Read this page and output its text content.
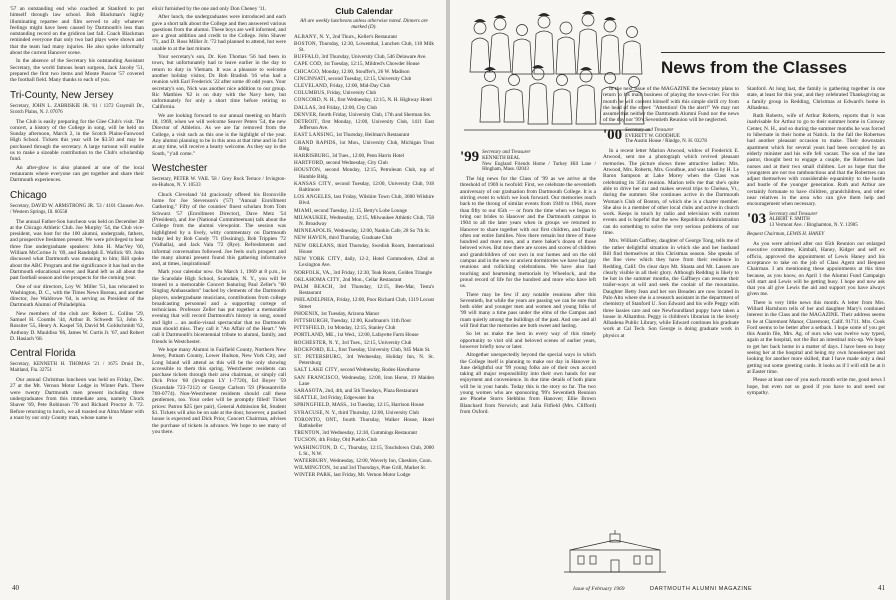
'57 an outstanding end who coached at Stanford to put himself through law school. Bob Blackman's highly illuminating repartee and film served to ally whatever feelings might have been caused by Dartmouth's less than outstanding record on the gridiron last fall. Coach Blackman reminded everyone that only two bad plays were shown and that the team had many injuries. He also spoke informally about the current Hanover scene.

In the absence of the Secretary his outstanding Assistant Secretary, the world famous heart surgeon, Jack Jacoby '51, prepared the first two items and Monte Pascoe '57 covered the football field. Many thanks to each of you.

Tri-County, New Jersey
Secretary, JOHN L. ZABRISKIE JR. '61 / 1372 Graymill Dr., Scotch Plains, N. J. 07076

The Club is easily preparing for the Glee Club's visit. The concert, a history of the College in song, will be held on Sunday afternoon, March 2, in the Scotch Plains-Fanwood High School. Tickets this year will be $3.50 and may be purchased through the secretary. A large turnout will enable us to make a sizeable contribution to the Club's scholarship fund.

An after-glow is also planned at one of the local restaurants where everyone can get together and share their Dartmouth experiences.

Chicago
Secretary, DAVID W. ARMSTRONG JR. '53 / 4101 Clausen Ave. / Western Springs, Ill. 60558

The annual Father-Son luncheon was held on December 28 at the Chicago Athletic Club. Joe Murphy '54, the Club vice-president, was host for the 100 alumni, undergrads, fathers, and prospective freshmen present. We were privileged to hear three fine undergraduate speakers: John H. MacVey '60, William McCorine Jr. '69, and Randolph E. Wallick '69. John discussed what Dartmouth was meaning to him; Bill spoke about the ABC Program and the significance it has had on the Dartmouth educational scene; and Rand left us all about the past football season and the prospects for the coming year.

One of our directors, Loy W. Miller '51, has relocated to Washington, D. C., with the Times News Bureau, and another director, Joe Waldrowe '64, is serving as President of the Dartmouth Alumni of Philadelphia.

New members of the club are: Robert L. Collins '29, Samuel H. Coombs '44, Arthur B. Schwedt '53, John S. Rossiter '55, Henry A. Kaspel '56, David M. Goldschmidt '62, Anthony D. Mauldiso '66, James W. Curtis Jr. '67, and Robert D. Hasiach '68.

Central Florida
Secretary, KENNETH H. THOMAS '21 / 1675 Druid Dr., Maitland, Fla. 32751

Our annual Christmas luncheon was held on Friday, Dec. 27 at the Mt. Vernon Motor Lodge in Winter Park. There were twenty Dartmouth men present including three undergraduates from this immediate area, namely Chuck Shaver '69, Pete Robinson '70 and Richard Proctor Jr. '72. Before returning to lunch, we all toasted our Alma Mater with a toast by our only County man, whose name is

elixir furnished by the one and only Don Cheney '11.

After lunch, the undergraduates were introduced and each gave a short talk about the College and then answered various questions from the alumni. These boys are well informed, and are a great addition and credit to the College. John Shaver '71, and D. Ross Miller Jr. '72 had planned to attend, but were unable to at the last minute.

Your secretary's son, Dr. Ken Thomas '56 had been in town, but unfortunately had to leave earlier in the day to return to duty in Vietnam. It was a pleasure to welcome another holiday visitor, Dr. Bob Bradish '16 who had a reunion with Earl Frederick '22 after some 40 odd years. Your secretary's son, Nick was another nice addition to our group. Ric Matthies '62 is on duty with the Navy here, but unfortunately for only a short time before retiring to California.

We are looking forward to our annual meeting on March 18, 1969, when we will welcome Seaver Peters '54, the new Director of Athletics. As we are far removed from the College, a visit such as this one is the highlight of the year. Any alumni planning to be in this area at that time and in fact at any time, will receive a hearty welcome. As they say in the South, "y'all come."

Westchester
Secretary, PETER W. VAIL '58 / Grey Rock Terrace / Irvington-on-Hudson, N. Y. 10533

Chuck Cleveland '44 graciously offered his Bronxville home for Joe Stevenson's ('57) "Annual Enrollment Gathering." Fifty of the counties' finest scholars from Tom Schwarz '57 (Enrollment Director), Dave Metz '54 (President), and Joe (National Committeeman) talk about the College from the alumni viewpoint. The session was highlighted by a lively, witty commentary on Dartmouth today led by Bob Condy '71 (Ossining), Bob Trippien '72 (Valhalla), and Jack Vala '72 (Rye). Refreshments and informal conversation followed. Joe feels such prospect and the many alumni present found this gathering informative and, at times, inspirational!

Mark your calendar now. On March 1, 1969 at 8 p.m., in the Scarsdale High School, Scarsdale, N. Y., you will be treated to a memorable Concert featuring Paul Zeller's "60 Singing Ambassadors" backed by clements of the Dartmouth players, undergraduate musicians, contributions from college broadcasting personnel and a supporting cortege of technicians. Professor Zeller has put together a memorable evening that will record Dartmouth's history in song, sound and light ... an audio-visual spectacular that no Dartmouth man should miss. They call it "An Affair of the Heart." We call it Dartmouth's bicentennial tribute to alumni, family, and friends in Westchester.

We hope many Alumni in Fairfield County, Northern New Jersey, Putnam County, Lower Hudson, New York City, and Long Island will attend as this will be the only showing accessible to them this spring. Westchester residents can purchase tickets through their area chairman, or simply call Dick Prior '60 (Irvington LY 1-7720), Ed Boyer '59 (Scarsdale 723-7212) or George Carlson '59 (Pleasantville 769-0774). Non-Westchester residents should call these gentlemen, too. Your order will be promptly filled! Ticket prices: Patron $25 (per pair), General Admission $4, Student $1. Tickets will also be on sale at the door, however, a packed house is expected and Dick Prior, Concert Chairman, advises the purchase of tickets in advance. We hope to see many of you there.

Club Calendar
All are weekly luncheons unless otherwise noted. Dinners are marked (D).
ALBANY, N. Y., 2nd Thurs., Keller's Restaurant
BOSTON, Thursday, 12:30, Lowenthal, Lunchen Club, 118 Milk St.
BUFFALO, 3rd Thursday, University Club, 546 Delaware Ave.
CAPE COD, 1st Tuesday, 12:15, Mildred's Chowder House
CHICAGO, Monday, 12:00, Stouffer's, 26 W. Madison
CINCINNATI, second Tuesday, 12:15, University Club
CLEVELAND, Friday, 12:00, Mid-Day Club
COLUMBUS, Friday, University Club
CONCORD, N. H., first Wednesday, 12:15, N. H. Highway Hotel
DALLAS, 3rd Friday, 12:00, City Club
DENVER, fourth Friday, University Club, 17th and Sherman Sts.
DETROIT, first Monday, 12:00, University Club, 1411 East Jefferson Ave.
EAST LANSING, 1st Thursday, Heilman's Restaurant
GRAND RAPIDS, 1st Mon., University Club, Michigan Trust Bldg.
HARRISBURG, 3d Tues., 12:00, Penn Harris Hotel
HARTFORD, second Wednesday, City Club
HOUSTON, second Monday, 12:15, Petroleum Club, top of Humble Bldg.
KANSAS CITY, second Tuesday, 12:00, University Club, 918 Baltimore
LOS ANGELES, last Friday, Wilshire Town Club, 3600 Wilshire Blvd.
MIAMI, second Tuesday, 12:15, Betty's Lobe Lounge
MILWAUKEE, Wednesday, 12:15, Milwaukee Athletic Club, 758 N. Broadway
MINNEAPOLIS, Wednesday, 12:00, Nankin Cafe, 28 So 7th St.
NEW HAVEN, third Thursday, Graduate Club
NEW ORLEANS, third Thursday, Swedish Room, International House
NEW YORK CITY, daily, 12-2, Hotel Commodore, 42nd at Lexington Ave.
NORFOLK, VA., 3rd Friday, 12:30, Teak Room, Golden Triangle
OKLAHOMA CITY, 2nd Mon., Cellar Restaurant
PALM BEACH, 3rd Thursday, 12:15, Ben-Mar, Testa's Restaurant
PHILADELPHIA, Friday, 12:00, Poor Richard Club, 1319 Locust Street
PHOENIX, 1st Tuesday, Arizona Manor
PITTSBURGH, Tuesday, 12:00, Kaufmann's 11th floor
PITTSFIELD, 1st Monday, 12:15, Stanley Club
PORTLAND, ME., 1st Wed., 12:00, Lafayette Farm House
ROCHESTER, N. Y., 3rd Tues., 12:15, University Club
ROCKFORD, ILL., first Tuesday, University Club, 945 Main St.
ST. PETERSBURG, 3rd Wednesday, Holiday Inn, N. St. Petersburg
SALT LAKE CITY, second Wednesday, Rodeo Hawthorne
SAN FRANCISCO, Wednesday, 12:00, Iron Horse, 19 Maiden Lane
SARASOTA, 2nd, 4th, and 5th Tuesdays, Plaza Restaurant
SEATTLE, 3rd Friday, Edgewater Inn
SPRINGFIELD, MASS., 1st Tuesday, 12:15, Harrison House
SYRACUSE, N. Y., third Thursday, 12:00, University Club
TORONTO, ONT., fourth Thursday, Walker House, Hotel Rathskeller
TRENTON, 3rd Wednesday, 12:30, Cummings Restaurant
TUCSON, 4th Friday, Old Pueblo Club
WASHINGTON, D. C., Thursday, 12:15, Touchdown Club, 2000 L St., N.W.
WATERBURY, Wednesday, 12:00, Waverly Inn, Cheshire, Conn.
WILMINGTON, 1st and 3rd Thursdays, Pine Grill, Market St.
WINTER PARK, last Friday, Mt. Vernon Motor Lodge
40
News from the Classes
'99 Secretary and Treasurer
KENNETH BEAL
New England Friends Home / Turkey Hill Lane / Hingham, Mass. 02043

The big news for the Class of '99 as we arrive at the threshold of 1969 is twofold: First, we celebrate the seventieth anniversary of our graduation from Dartmouth College. It is a stirring event to which we look forward. Our memories reach back to the throng of similar events from 1940 to 1964, more than fifty to our 65th — or from the time when we began to bring our brides to Hanover and the Dartmouth campus in 1904 to all the later years when in groups we returned to Hanover to share together with our first children, and finally often our entire families. Now there remain but three of those hundred and more men, and a mere baker's dozen of those beloved wives. But now there are scores and scores of children and grandchildren of our own in our homes and on the old campus and in the new or ancient dormitories we have had gay reunions and rollicking celebrations. We have also had touching and heartening memorials by Wheelock, and the proud record of life for the hundred and more who have left us.

There may be few if any notable reunions after this Seventieth, but while the years are passing we can be sure that both older and younger men and women and young folks of '99 will many a time pass under the elms of the Campus and roam quietly among the buildings of the past. And one and all will find that the memories are both sweet and lasting.

So let us make the best in every way of this timely opportunity to visit old and beloved scenes of earlier years, however briefly now or later.

Altogether unexpectedly beyond the special ways in which the College itself is planning to make our day in Hanover in June delightful our '99 young folks are of their own accord taking all major responsibility into their own hands for our enjoyment and convenience. In due time details of both plans will be in your hands. Today this is the story so far. The two young women who are sponsoring '99's Seventieth Reunion are Phoebe Storrs Stebbins from Hanover; Ellie Brown Blanchard from Norwich; and Julia Fitfield (Mrs. Clifford) from Oxford.

Issue of February 1969

In the next issue of the MAGAZINE the Secretary plans to return to his main business of playing the town-crier. For this month he will content himself with this simple shrill cry from the head of the street: "Attention! On the alert!" We may not assume that neither the Dartmouth Alumni Fund nor the news of the day nor '99's Seventieth Reunion will be neglected.

'00 Secretary and Treasurer
EVERETT W. GOODHUE
The Austin House / Rindge, N. H. 03278

In a recent letter Marion Atwood, widow of Frederick E. Atwood, sent me a photograph which revived pleasant memories. The picture shows three attractive ladies: Mrs. Atwood, Mrs. Roberts, Mrs. Goodhue, and was taken by H. Le Baron Sampson at Lake Morey when the Class was celebrating its 35th reunion. Marion tells me that she's quite able to drive her car and makes several trips to Chelsea, Vt., during the summer. She continues active in the Dartmouth Woman's Club of Boston, of which she is a charter member. She also is a member of other local clubs and active in church work. Keeps in touch by radio and television with current events and is hopeful that the new Republican Administration can do something to solve the very serious problems of our time.

Mrs. William Gaffney, daughter of George Tong, tells me of the rather delightful situation in which she and her husband Bill find themselves at this Christmas season. She speaks of the fine view which they have from their residence in Redding, Calif. On clear days Mt. Shasta and Mt. Lassen are clearly visible in all their glory. Although Redding is likely to be hot in the summer months, the Gaffneys can resume their trailer-ways at will and seek the coolair of the mountains. Daughter Betty Jean and her son Breaden are now located in Palo Alto where she is a research assistant in the department of chemistry of Stanford U. Son Edward and his wife Peggy with three lassies care and one Newfoundland puppy have taken a house in Alhambra. Peggy is children's librarian in the lovely Alhadena Public Library, while Edward continues his graduate work at Cal Tech. Son George is doing graduate work in physics at

Stanford. At long last, the family is gathering together in one state, at least for this year, and they celebrated Thanksgiving as a family group in Redding, Christmas at Edward's home in Alhadena.

Ruth Roberts, wife of Arthur Roberts, reports that it was inadvisable for Arthur to go to their summer home in Conway Center, N. H., and so during the summer months he was forced to hibernate in their home at Natick. In the fall the Robertses had another pleasant occasion to make. Their downstairs apartment which for several years had been occupied by an elderly minister and his wife fell vacant. The son of the late pastor, thought best to engage a couple, the Robertses had nurses and at their two small children. Let us hope that the youngsters are not too rambunctious and that the Robertses can adjust themselves with considerable equanimity to the hustle and bustle of the younger generation. Ruth and Arthur are certainly fortunate to have children, grandchildren, and other near relatives in the area who can give them help and encouragement when necessary.

'03 Secretary and Treasurer
ALBERT F. SMITH
13 Vermont Ave. / Binghamton, N. Y. 13905
Bequest Chairman, LEWIS H. HANEY

As you were advised after our 65th Reunion our enlarged executive committee, Kimball, Haney, Kidger and self ex officio, approved the appointment of Lewis Haney and his acceptance to take on the job of Class Agent and Bequest Chairman. I am mentioning these appointments at this time because, as you know, on April 1 the Alumni Fund Campaign will start and Lewis will be getting busy. I hope and now ask that you all give Lewis the aid and support you have always given me.

There is very little news this month. A letter from Mrs. Willard Hartshorn tells of her and daughter Mary's continued interest in the Class and the MAGAZINE. Their address seems to be at Claremont Manor, Claremont, Calif. 91711. Mrs. Cook Ford seems to be better after a setback. I hope some of you get this Austin file, Mrs. Ag. of ours who was twelve way typed, again at the hospital, not the But an intestinal mix-up. We hope to get her back home in a matter of days. I have been so busy seeing her at the hospital and being my own housekeeper and looking for another more skilled, that I have made only a deal getting out some greeting cards. It looks as if I will still be at it at Easter time.

Please at least one of you each month write me, good news I hope, but even not so good if you have to and need our sympathy.

DARTMOUTH ALUMNI MAGAZINE	41
